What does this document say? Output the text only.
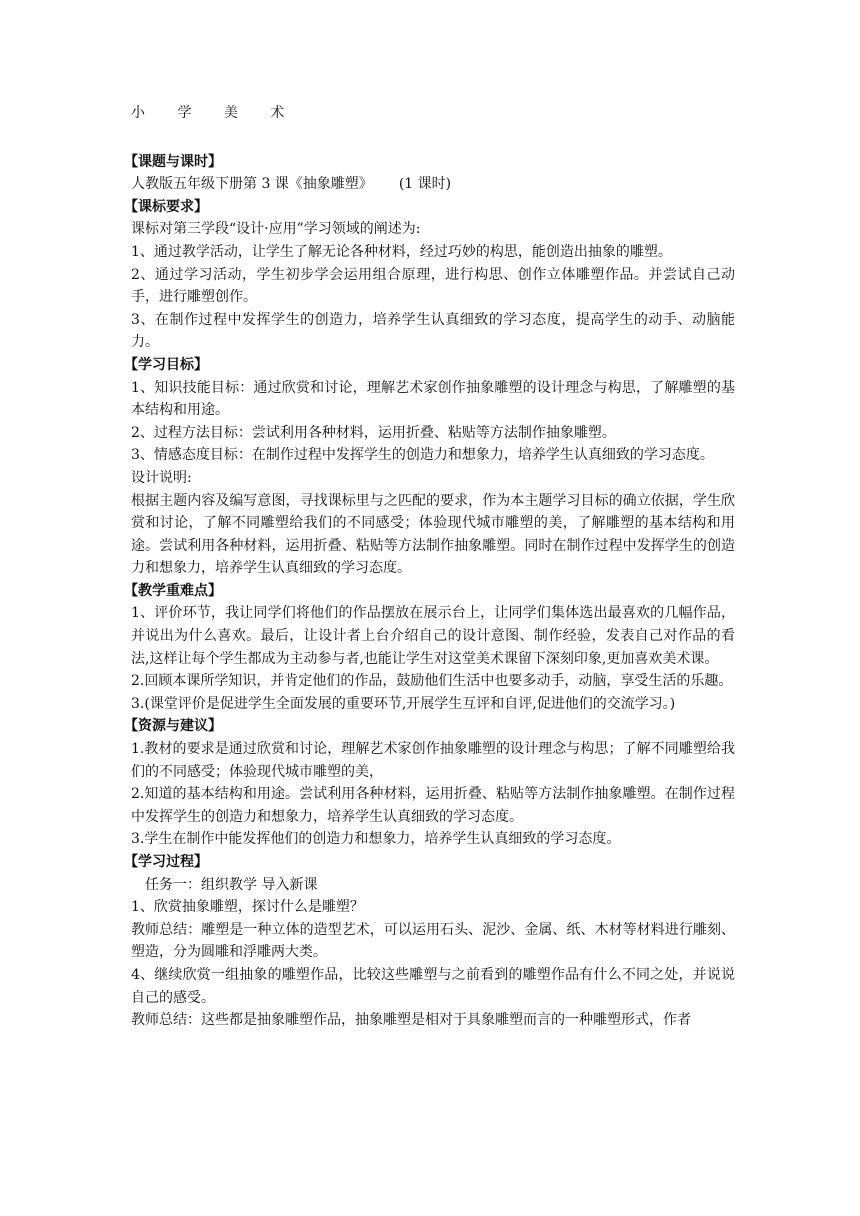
小 学 美 术
【课题与课时】
人教版五年级下册第 3 课《抽象雕塑》 (1 课时)
【课标要求】
课标对第三学段“设计·应用”学习领域的阐述为:
1、通过教学活动，让学生了解无论各种材料，经过巧妙的构思，能创造出抽象的雕塑。
2、通过学习活动，学生初步学会运用组合原理，进行构思、创作立体雕塑作品。并尝试自己动手，进行雕塑创作。
3、在制作过程中发挥学生的创造力，培养学生认真细致的学习态度，提高学生的动手、动脑能力。
【学习目标】
1、知识技能目标：通过欣赏和讨论，理解艺术家创作抽象雕塑的设计理念与构思，了解雕塑的基本结构和用途。
2、过程方法目标：尝试利用各种材料，运用折叠、粘贴等方法制作抽象雕塑。
3、情感态度目标：在制作过程中发挥学生的创造力和想象力，培养学生认真细致的学习态度。
设计说明:
根据主题内容及编写意图，寻找课标里与之匹配的要求，作为本主题学习目标的确立依据，学生欣赏和讨论，了解不同雕塑给我们的不同感受；体验现代城市雕塑的美，了解雕塑的基本结构和用途。尝试利用各种材料，运用折叠、粘贴等方法制作抽象雕塑。同时在制作过程中发挥学生的创造力和想象力，培养学生认真细致的学习态度。
【教学重难点】
1、评价环节，我让同学们将他们的作品摆放在展示台上，让同学们集体选出最喜欢的几幅作品，并说出为什么喜欢。最后，让设计者上台介绍自己的设计意图、制作经验，发表自己对作品的看法,这样让每个学生都成为主动参与者,也能让学生对这堂美术课留下深刻印象,更加喜欢美术课。
2.回顾本课所学知识，并肯定他们的作品，鼓励他们生活中也要多动手，动脑，享受生活的乐趣。
3.(课堂评价是促进学生全面发展的重要环节,开展学生互评和自评,促进他们的交流学习。)
【资源与建议】
1.教材的要求是通过欣赏和讨论，理解艺术家创作抽象雕塑的设计理念与构思；了解不同雕塑给我们的不同感受；体验现代城市雕塑的美，
2.知道的基本结构和用途。尝试利用各种材料，运用折叠、粘贴等方法制作抽象雕塑。在制作过程中发挥学生的创造力和想象力，培养学生认真细致的学习态度。
3.学生在制作中能发挥他们的创造力和想象力，培养学生认真细致的学习态度。
【学习过程】
任务一：组织教学 导入新课
1、欣赏抽象雕塑，探讨什么是雕塑？
教师总结：雕塑是一种立体的造型艺术，可以运用石头、泥沙、金属、纸、木材等材料进行雕刻、塑造，分为圆雕和浮雕两大类。
4、继续欣赏一组抽象的雕塑作品，比较这些雕塑与之前看到的雕塑作品有什么不同之处，并说说自己的感受。
教师总结：这些都是抽象雕塑作品，抽象雕塑是相对于具象雕塑而言的一种雕塑形式，作者
